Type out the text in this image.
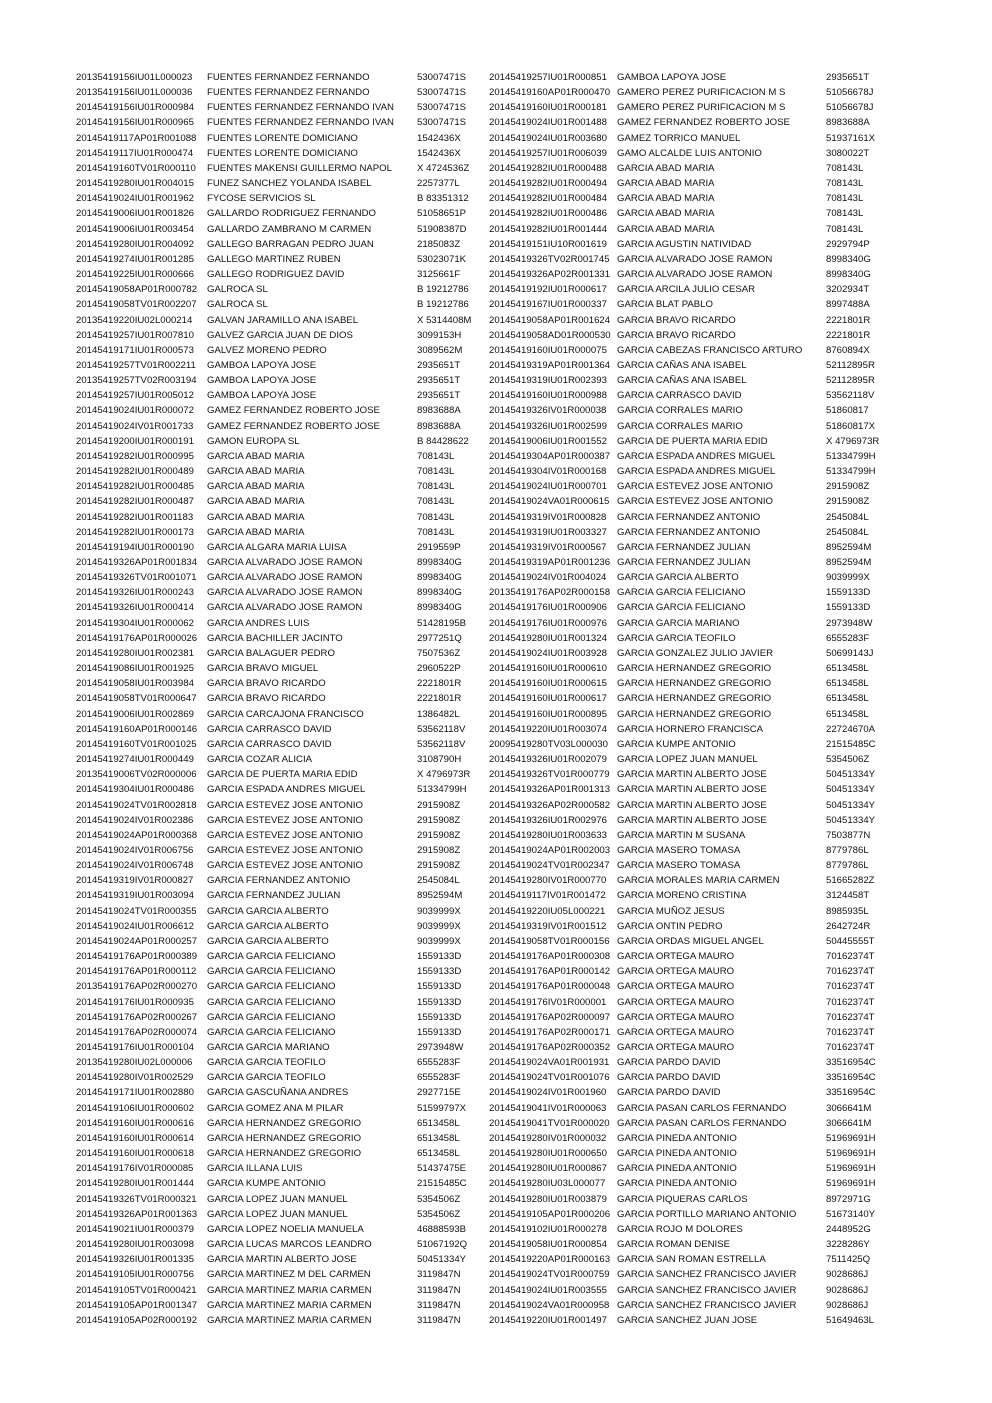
20135419156IU01L000023 FUENTES FERNANDEZ FERNANDO	53007471S
20135419156IU01L000036 FUENTES FERNANDEZ FERNANDO	53007471S
20145419156IU01R000984 FUENTES FERNANDEZ FERNANDO IVAN 53007471S
20145419156IU01R000965 FUENTES FERNANDEZ FERNANDO IVAN 53007471S
20145419117AP01R001088 FUENTES LORENTE DOMICIANO	1542436X
20145419117IU01R000474 FUENTES LORENTE DOMICIANO	1542436X
20145419160TV01R000110 FUENTES MAKENSI GUILLERMO NAPOL	X 4724536Z
20145419280IU01R004015 FUNEZ SANCHEZ YOLANDA ISABEL	2257377L
20145419024IU01R001962 FYCOSE SERVICIOS SL	B 83351312
20145419006IU01R001826 GALLARDO RODRIGUEZ FERNANDO	51058651P
20145419006IU01R003454 GALLARDO ZAMBRANO M CARMEN	51908387D
20145419280IU01R004092 GALLEGO BARRAGAN PEDRO JUAN	2185083Z
20145419274IU01R001285 GALLEGO MARTINEZ RUBEN	53023071K
20145419225IU01R000666 GALLEGO RODRIGUEZ DAVID	3125661F
20145419058AP01R000782 GALROCA SL	B 19212786
20145419058TV01R002207 GALROCA SL	B 19212786
20135419220IU02L000214 GALVAN JARAMILLO ANA ISABEL	X 5314408M
20145419257IU01R007810 GALVEZ GARCIA JUAN DE DIOS	3099153H
20145419171IU01R000573 GALVEZ MORENO PEDRO	3089562M
20145419257TV01R002211 GAMBOA LAPOYA JOSE	2935651T
20135419257TV02R003194 GAMBOA LAPOYA JOSE	2935651T
20145419257IU01R005012 GAMBOA LAPOYA JOSE	2935651T
20145419024IU01R000072 GAMEZ FERNANDEZ ROBERTO JOSE	8983688A
20145419024IV01R001733 GAMEZ FERNANDEZ ROBERTO JOSE	8983688A
20145419200IU01R000191 GAMON EUROPA SL	B 84428622
20145419282IU01R000995 GARCIA ABAD MARIA	708143L
20145419282IU01R000489 GARCIA ABAD MARIA	708143L
20145419282IU01R000485 GARCIA ABAD MARIA	708143L
20145419282IU01R000487 GARCIA ABAD MARIA	708143L
20145419282IU01R001183 GARCIA ABAD MARIA	708143L
20145419282IU01R000173 GARCIA ABAD MARIA	708143L
20145419194IU01R000190 GARCIA ALGARA MARIA LUISA	2919559P
20145419326AP01R001834 GARCIA ALVARADO JOSE RAMON	8998340G
20145419326TV01R001071 GARCIA ALVARADO JOSE RAMON	8998340G
20145419326IU01R000243 GARCIA ALVARADO JOSE RAMON	8998340G
20145419326IU01R000414 GARCIA ALVARADO JOSE RAMON	8998340G
20145419304IU01R000062 GARCIA ANDRES LUIS	51428195B
20145419176AP01R000026 GARCIA BACHILLER JACINTO	2977251Q
20145419280IU01R002381 GARCIA BALAGUER PEDRO	7507536Z
20145419086IU01R001925 GARCIA BRAVO MIGUEL	2960522P
20145419058IU01R003984 GARCIA BRAVO RICARDO	2221801R
20145419058TV01R000647 GARCIA BRAVO RICARDO	2221801R
20145419006IU01R002869 GARCIA CARCAJONA FRANCISCO	1386482L
20145419160AP01R000146 GARCIA CARRASCO DAVID	53562118V
20145419160TV01R001025 GARCIA CARRASCO DAVID	53562118V
20145419274IU01R000449 GARCIA COZAR ALICIA	3108790H
20135419006TV02R000006 GARCIA DE PUERTA MARIA EDID	X 4796973R
20145419304IU01R000486 GARCIA ESPADA ANDRES MIGUEL	51334799H
20145419024TV01R002818 GARCIA ESTEVEZ JOSE ANTONIO	2915908Z
20145419024IV01R002386 GARCIA ESTEVEZ JOSE ANTONIO	2915908Z
20145419024AP01R000368 GARCIA ESTEVEZ JOSE ANTONIO	2915908Z
20145419024IV01R006756 GARCIA ESTEVEZ JOSE ANTONIO	2915908Z
20145419024IV01R006748 GARCIA ESTEVEZ JOSE ANTONIO	2915908Z
20145419319IV01R000827 GARCIA FERNANDEZ ANTONIO	2545084L
20145419319IU01R003094 GARCIA FERNANDEZ JULIAN	8952594M
20145419024TV01R000355 GARCIA GARCIA ALBERTO	9039999X
20145419024IU01R006612 GARCIA GARCIA ALBERTO	9039999X
20145419024AP01R000257 GARCIA GARCIA ALBERTO	9039999X
20145419176AP01R000389 GARCIA GARCIA FELICIANO	1559133D
20145419176AP01R000112 GARCIA GARCIA FELICIANO	1559133D
20135419176AP02R000270 GARCIA GARCIA FELICIANO	1559133D
20145419176IU01R000935 GARCIA GARCIA FELICIANO	1559133D
20145419176AP02R000267 GARCIA GARCIA FELICIANO	1559133D
20145419176AP02R000074 GARCIA GARCIA FELICIANO	1559133D
20145419176IU01R000104 GARCIA GARCIA MARIANO	2973948W
20135419280IU02L000006 GARCIA GARCIA TEOFILO	6555283F
20145419280IV01R002529 GARCIA GARCIA TEOFILO	6555283F
20145419171IU01R002880 GARCIA GASCUÑANA ANDRES	2927715E
20145419106IU01R000602 GARCIA GOMEZ ANA M PILAR	51599797X
20145419160IU01R000616 GARCIA HERNANDEZ GREGORIO	6513458L
20145419160IU01R000614 GARCIA HERNANDEZ GREGORIO	6513458L
20145419160IU01R000618 GARCIA HERNANDEZ GREGORIO	6513458L
20145419176IV01R000085 GARCIA ILLANA LUIS	51437475E
20145419280IU01R001444 GARCIA KUMPE ANTONIO	21515485C
20145419326TV01R000321 GARCIA LOPEZ JUAN MANUEL	5354506Z
20145419326AP01R001363 GARCIA LOPEZ JUAN MANUEL	5354506Z
20145419021IU01R000379 GARCIA LOPEZ NOELIA MANUELA	46888593B
20145419280IU01R003098 GARCIA LUCAS MARCOS LEANDRO	51067192Q
20145419326IU01R001335 GARCIA MARTIN ALBERTO JOSE	50451334Y
20145419105IU01R000756 GARCIA MARTINEZ M DEL CARMEN	3119847N
20145419105TV01R000421 GARCIA MARTINEZ MARIA CARMEN	3119847N
20145419105AP01R001347 GARCIA MARTINEZ MARIA CARMEN	3119847N
20145419105AP02R000192 GARCIA MARTINEZ MARIA CARMEN	3119847N
20145419257IU01R000851 GAMBOA LAPOYA JOSE	2935651T
20145419160AP01R000470 GAMERO PEREZ PURIFICACION M S	51056678J
20145419160IU01R000181 GAMERO PEREZ PURIFICACION M S	51056678J
20145419024IU01R001488 GAMEZ FERNANDEZ ROBERTO JOSE	8983688A
20145419024IU01R003680 GAMEZ TORRICO MANUEL	51937161X
20145419257IU01R006039 GAMO ALCALDE LUIS ANTONIO	3080022T
20145419282IU01R000488 GARCIA ABAD MARIA	708143L
20145419282IU01R000494 GARCIA ABAD MARIA	708143L
20145419282IU01R000484 GARCIA ABAD MARIA	708143L
20145419282IU01R000486 GARCIA ABAD MARIA	708143L
20145419282IU01R001444 GARCIA ABAD MARIA	708143L
20145419151IU10R001619 GARCIA AGUSTIN NATIVIDAD	2929794P
20145419326TV02R001745 GARCIA ALVARADO JOSE RAMON	8998340G
20145419326AP02R001331 GARCIA ALVARADO JOSE RAMON	8998340G
20145419192IU01R000617 GARCIA ARCILA JULIO CESAR	3202934T
20145419167IU01R000337 GARCIA BLAT PABLO	8997488A
20145419058AP01R001624 GARCIA BRAVO RICARDO	2221801R
20145419058AD01R000530 GARCIA BRAVO RICARDO	2221801R
20145419160IU01R000075 GARCIA CABEZAS FRANCISCO ARTURO 8760894X
20145419319AP01R001364 GARCIA CAÑAS ANA ISABEL	52112895R
20145419319IU01R002393 GARCIA CAÑAS ANA ISABEL	52112895R
20145419160IU01R000988 GARCIA CARRASCO DAVID	53562118V
20145419326IV01R000038 GARCIA CORRALES MARIO	51860817
20145419326IU01R002599 GARCIA CORRALES MARIO	51860817X
20145419006IU01R001552 GARCIA DE PUERTA MARIA EDID	X 4796973R
20145419304AP01R000387 GARCIA ESPADA ANDRES MIGUEL	51334799H
20145419304IV01R000168 GARCIA ESPADA ANDRES MIGUEL	51334799H
20145419024IU01R000701 GARCIA ESTEVEZ JOSE ANTONIO	2915908Z
20145419024VA01R000615 GARCIA ESTEVEZ JOSE ANTONIO	2915908Z
20145419319IV01R000828 GARCIA FERNANDEZ ANTONIO	2545084L
20145419319IU01R003327 GARCIA FERNANDEZ ANTONIO	2545084L
20145419319IV01R000567 GARCIA FERNANDEZ JULIAN	8952594M
20145419319AP01R001236 GARCIA FERNANDEZ JULIAN	8952594M
20145419024IV01R004024 GARCIA GARCIA ALBERTO	9039999X
20135419176AP02R000158 GARCIA GARCIA FELICIANO	1559133D
20145419176IU01R000906 GARCIA GARCIA FELICIANO	1559133D
20145419176IU01R000976 GARCIA GARCIA MARIANO	2973948W
20145419280IU01R001324 GARCIA GARCIA TEOFILO	6555283F
20145419024IU01R003928 GARCIA GONZALEZ JULIO JAVIER	50699143J
20145419160IU01R000610 GARCIA HERNANDEZ GREGORIO	6513458L
20145419160IU01R000615 GARCIA HERNANDEZ GREGORIO	6513458L
20145419160IU01R000617 GARCIA HERNANDEZ GREGORIO	6513458L
20145419160IU01R000895 GARCIA HERNANDEZ GREGORIO	6513458L
20145419220IU01R003074 GARCIA HORNERO FRANCISCA	22724670A
20095419280TV03L000030 GARCIA KUMPE ANTONIO	21515485C
20145419326IU01R002079 GARCIA LOPEZ JUAN MANUEL	5354506Z
20145419326TV01R000779 GARCIA MARTIN ALBERTO JOSE	50451334Y
20145419326AP01R001313 GARCIA MARTIN ALBERTO JOSE	50451334Y
20145419326AP02R000582 GARCIA MARTIN ALBERTO JOSE	50451334Y
20145419326IU01R002976 GARCIA MARTIN ALBERTO JOSE	50451334Y
20145419280IU01R003633 GARCIA MARTIN M SUSANA	7503877N
20145419024AP01R002003 GARCIA MASERO TOMASA	8779786L
20145419024TV01R002347 GARCIA MASERO TOMASA	8779786L
20145419280IV01R000770 GARCIA MORALES MARIA CARMEN	51665282Z
20145419117IV01R001472 GARCIA MORENO CRISTINA	3124458T
20145419220IU05L000221 GARCIA MUÑOZ JESUS	8985935L
20145419319IV01R001512 GARCIA ONTIN PEDRO	2642724R
20145419058TV01R000156 GARCIA ORDAS MIGUEL ANGEL	50445555T
20145419176AP01R000308 GARCIA ORTEGA MAURO	70162374T
20145419176AP01R000142 GARCIA ORTEGA MAURO	70162374T
20145419176AP01R000048 GARCIA ORTEGA MAURO	70162374T
20145419176IV01R000001 GARCIA ORTEGA MAURO	70162374T
20145419176AP02R000097 GARCIA ORTEGA MAURO	70162374T
20145419176AP02R000171 GARCIA ORTEGA MAURO	70162374T
20145419176AP02R000352 GARCIA ORTEGA MAURO	70162374T
20145419024VA01R001931 GARCIA PARDO DAVID	33516954C
20145419024TV01R001076 GARCIA PARDO DAVID	33516954C
20145419024IV01R001960 GARCIA PARDO DAVID	33516954C
20145419041IV01R000063 GARCIA PASAN CARLOS FERNANDO	3066641M
20145419041TV01R000020 GARCIA PASAN CARLOS FERNANDO	3066641M
20145419280IV01R000032 GARCIA PINEDA ANTONIO	51969691H
20145419280IU01R000650 GARCIA PINEDA ANTONIO	51969691H
20145419280IU01R000867 GARCIA PINEDA ANTONIO	51969691H
20145419280IU03L000077 GARCIA PINEDA ANTONIO	51969691H
20145419280IU01R003879 GARCIA PIQUERAS CARLOS	8972971G
20145419105AP01R000206 GARCIA PORTILLO MARIANO ANTONIO	51673140Y
20145419102IU01R000278 GARCIA ROJO M DOLORES	2448952G
20145419058IU01R000854 GARCIA ROMAN DENISE	3228286Y
20145419220AP01R000163 GARCIA SAN ROMAN ESTRELLA	7511425Q
20145419024TV01R000759 GARCIA SANCHEZ FRANCISCO JAVIER	9028686J
20145419024IU01R003555 GARCIA SANCHEZ FRANCISCO JAVIER	9028686J
20145419024VA01R000958 GARCIA SANCHEZ FRANCISCO JAVIER	9028686J
20145419220IU01R001497 GARCIA SANCHEZ JUAN JOSE	51649463L
